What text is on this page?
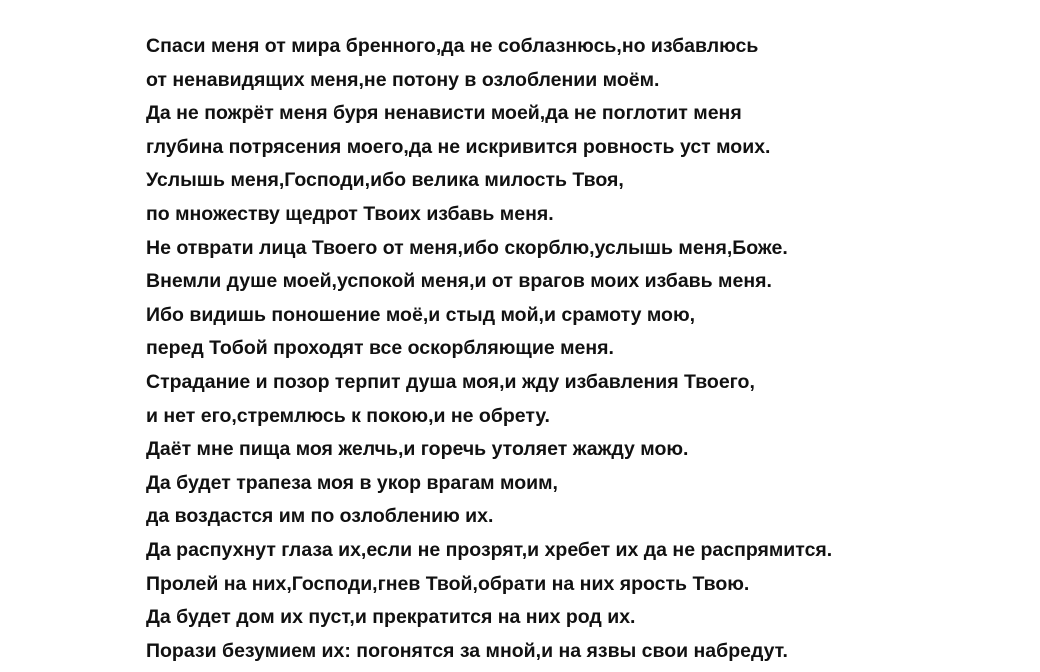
Спаси меня от мира бренного,да не соблазнюсь,но избавлюсь
от ненавидящих меня,не потону в озлоблении моём.
Да не пожрёт меня буря ненависти моей,да не поглотит меня
глубина потрясения моего,да не искривится ровность уст моих.
Услышь меня,Господи,ибо велика милость Твоя,
по множеству щедрот Твоих избавь меня.
Не отврати лица Твоего от меня,ибо скорблю,услышь меня,Боже.
Внемли душе моей,успокой меня,и от врагов моих избавь меня.
Ибо видишь поношение моё,и стыд мой,и срамоту мою,
перед Тобой проходят все оскорбляющие меня.
Страдание и позор терпит душа моя,и жду избавления Твоего,
и нет его,стремлюсь к покою,и не обрету.
Даёт мне пища моя желчь,и горечь утоляет жажду мою.
Да будет трапеза моя в укор врагам моим,
да воздастся им по озлоблению их.
Да распухнут глаза их,если не прозрят,и хребет их да не распрямится.
Пролей на них,Господи,гнев Твой,обрати на них ярость Твою.
Да будет дом их пуст,и прекратится на них род их.
Порази безумием их: погонятся за мной,и на язвы свои набредут.
